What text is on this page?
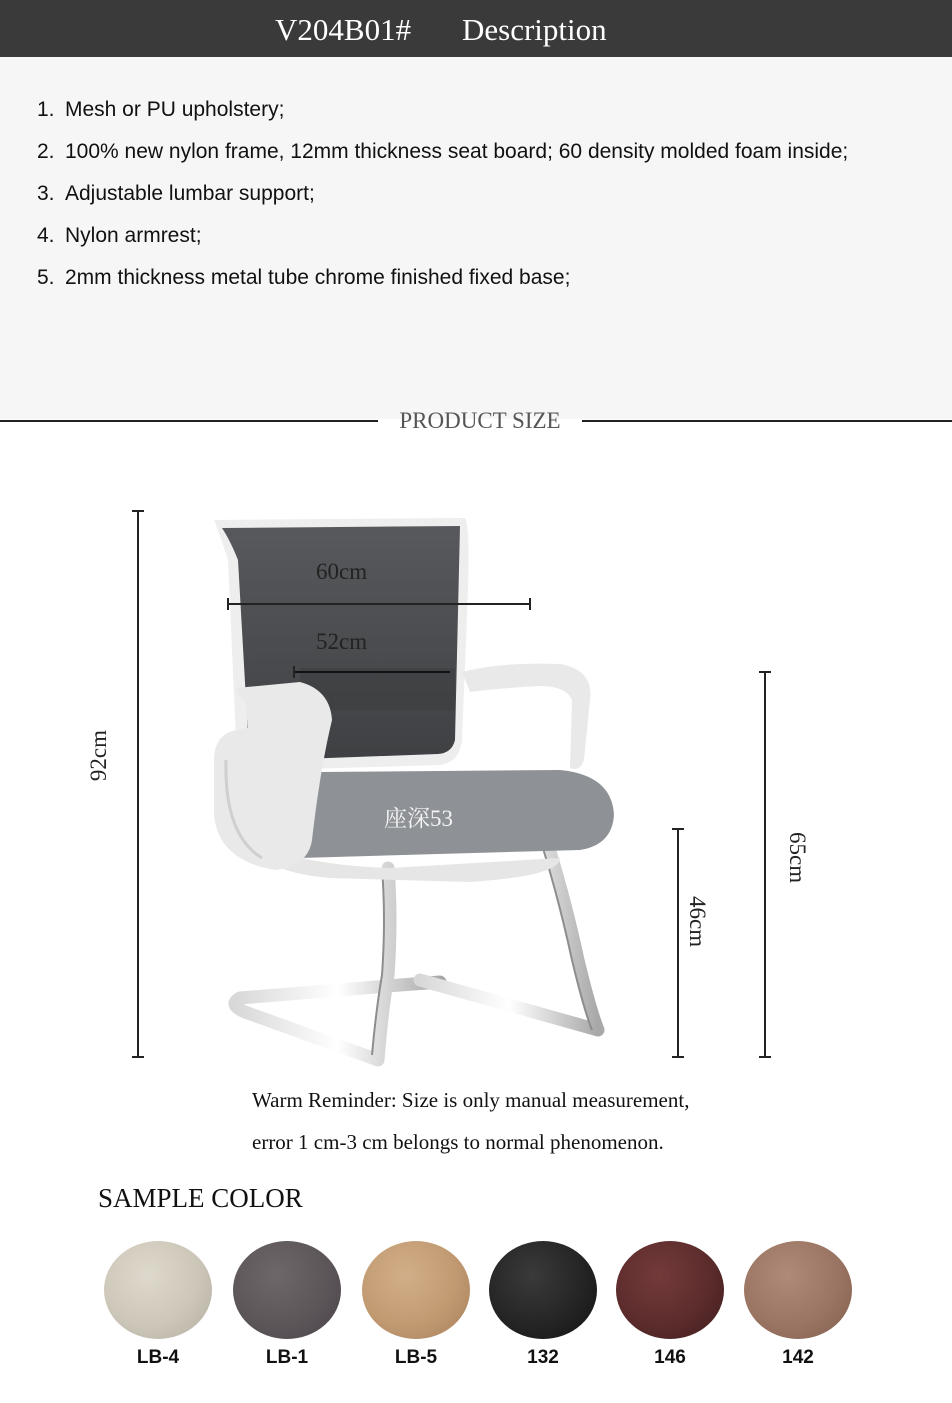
V204B01# Description
1. Mesh or PU upholstery;
2. 100% new nylon frame, 12mm thickness seat board; 60 density molded foam inside;
3. Adjustable lumbar support;
4. Nylon armrest;
5. 2mm thickness metal tube chrome finished fixed base;
PRODUCT SIZE
60cm
52cm
92cm
座深53
46cm
65cm
Warm Reminder: Size is only manual measurement,
error 1 cm-3 cm belongs to normal phenomenon.
SAMPLE COLOR
LB-4	LB-1	LB-5	132	146	142
